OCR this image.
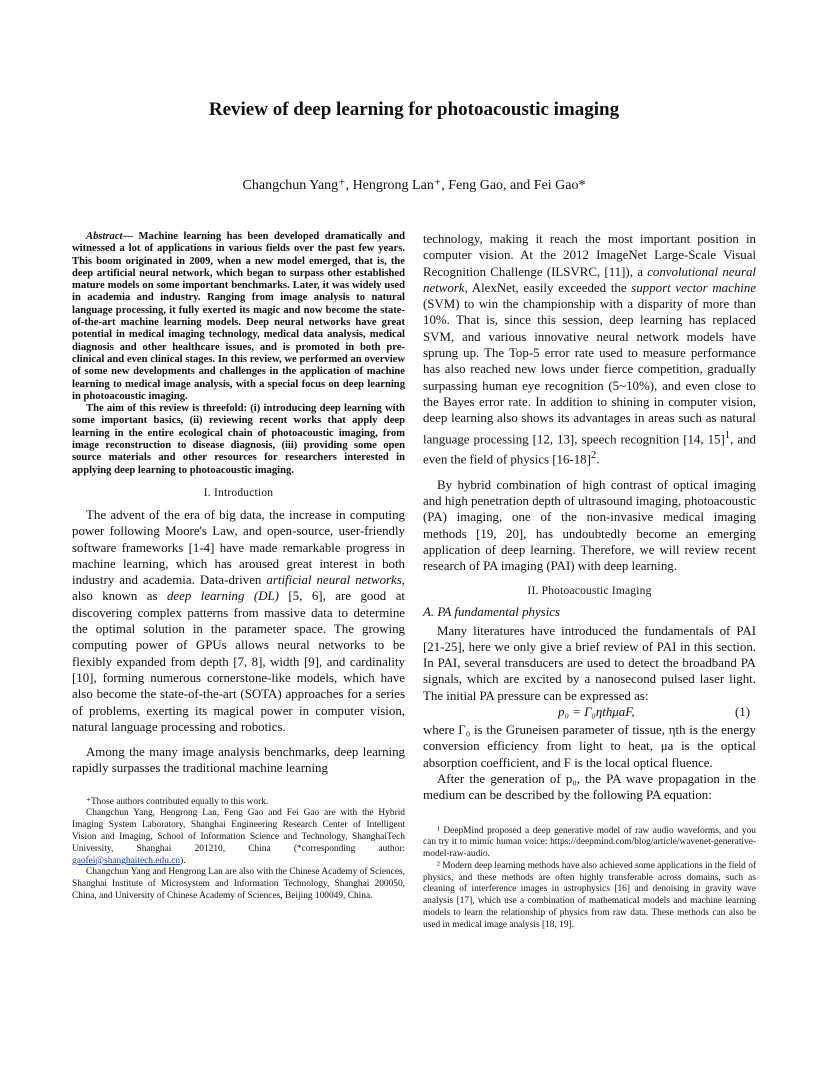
Review of deep learning for photoacoustic imaging
Changchun Yang⁺, Hengrong Lan⁺, Feng Gao, and Fei Gao*

Abstract— Machine learning has been developed dramatically and witnessed a lot of applications in various fields over the past few years. This boom originated in 2009, when a new model emerged, that is, the deep artificial neural network, which began to surpass other established mature models on some important benchmarks. Later, it was widely used in academia and industry. Ranging from image analysis to natural language processing, it fully exerted its magic and now become the state-of-the-art machine learning models. Deep neural networks have great potential in medical imaging technology, medical data analysis, medical diagnosis and other healthcare issues, and is promoted in both pre-clinical and even clinical stages. In this review, we performed an overview of some new developments and challenges in the application of machine learning to medical image analysis, with a special focus on deep learning in photoacoustic imaging.

The aim of this review is threefold: (i) introducing deep learning with some important basics, (ii) reviewing recent works that apply deep learning in the entire ecological chain of photoacoustic imaging, from image reconstruction to disease diagnosis, (iii) providing some open source materials and other resources for researchers interested in applying deep learning to photoacoustic imaging.

I. Introduction

The advent of the era of big data, the increase in computing power following Moore's Law, and open-source, user-friendly software frameworks [1-4] have made remarkable progress in machine learning, which has aroused great interest in both industry and academia. Data-driven artificial neural networks, also known as deep learning (DL) [5, 6], are good at discovering complex patterns from massive data to determine the optimal solution in the parameter space. The growing computing power of GPUs allows neural networks to be flexibly expanded from depth [7, 8], width [9], and cardinality [10], forming numerous cornerstone-like models, which have also become the state-of-the-art (SOTA) approaches for a series of problems, exerting its magical power in computer vision, natural language processing and robotics.

Among the many image analysis benchmarks, deep learning rapidly surpasses the traditional machine learning

⁺Those authors contributed equally to this work.

Changchun Yang, Hengrong Lan, Feng Gao and Fei Gao are with the Hybrid Imaging System Laboratory, Shanghai Engineering Research Center of Intelligent Vision and Imaging, School of Information Science and Technology, ShanghaiTech University, Shanghai 201210, China (*corresponding author: gaofei@shanghaitech.edu.cn).

Changchun Yang and Hengrong Lan are also with the Chinese Academy of Sciences, Shanghai Institute of Microsystem and Information Technology, Shanghai 200050, China, and University of Chinese Academy of Sciences, Beijing 100049, China.

technology, making it reach the most important position in computer vision. At the 2012 ImageNet Large-Scale Visual Recognition Challenge (ILSVRC, [11]), a convolutional neural network, AlexNet, easily exceeded the support vector machine (SVM) to win the championship with a disparity of more than 10%. That is, since this session, deep learning has replaced SVM, and various innovative neural network models have sprung up. The Top-5 error rate used to measure performance has also reached new lows under fierce competition, gradually surpassing human eye recognition (5~10%), and even close to the Bayes error rate. In addition to shining in computer vision, deep learning also shows its advantages in areas such as natural language processing [12, 13], speech recognition [14, 15]$^1$, and even the field of physics $[16-18]^2$.

By hybrid combination of high contrast of optical imaging and high penetration depth of ultrasound imaging, photoacoustic (PA) imaging, one of the non-invasive medical imaging methods [19, 20], has undoubtedly become an emerging application of deep learning. Therefore, we will review recent research of PA imaging (PAI) with deep learning.

II. Photoacoustic Imaging
A. PA fundamental physics

Many literatures have introduced the fundamentals of PAI [21-25], here we only give a brief review of PAI in this section. In PAI, several transducers are used to detect the broadband PA signals, which are excited by a nanosecond pulsed laser light. The initial PA pressure can be expressed as:

p₀ = Γ₀ηthμaF,	(1)

where Γ₀ is the Gruneisen parameter of tissue, ηth is the energy conversion efficiency from light to heat, μa is the optical absorption coefficient, and F is the local optical fluence.

After the generation of p₀, the PA wave propagation in the medium can be described by the following PA equation:

¹ DeepMind proposed a deep generative model of raw audio waveforms, and you can try it to mimic human voice: https://deepmind.com/blog/article/wavenet-generative-model-raw-audio.

² Modern deep learning methods have also achieved some applications in the field of physics, and these methods are often highly transferable across domains, such as cleaning of interference images in astrophysics [16] and denoising in gravity wave analysis [17], which use a combination of mathematical models and machine learning models to learn the relationship of physics from raw data. These methods can also be used in medical image analysis [18, 19].
